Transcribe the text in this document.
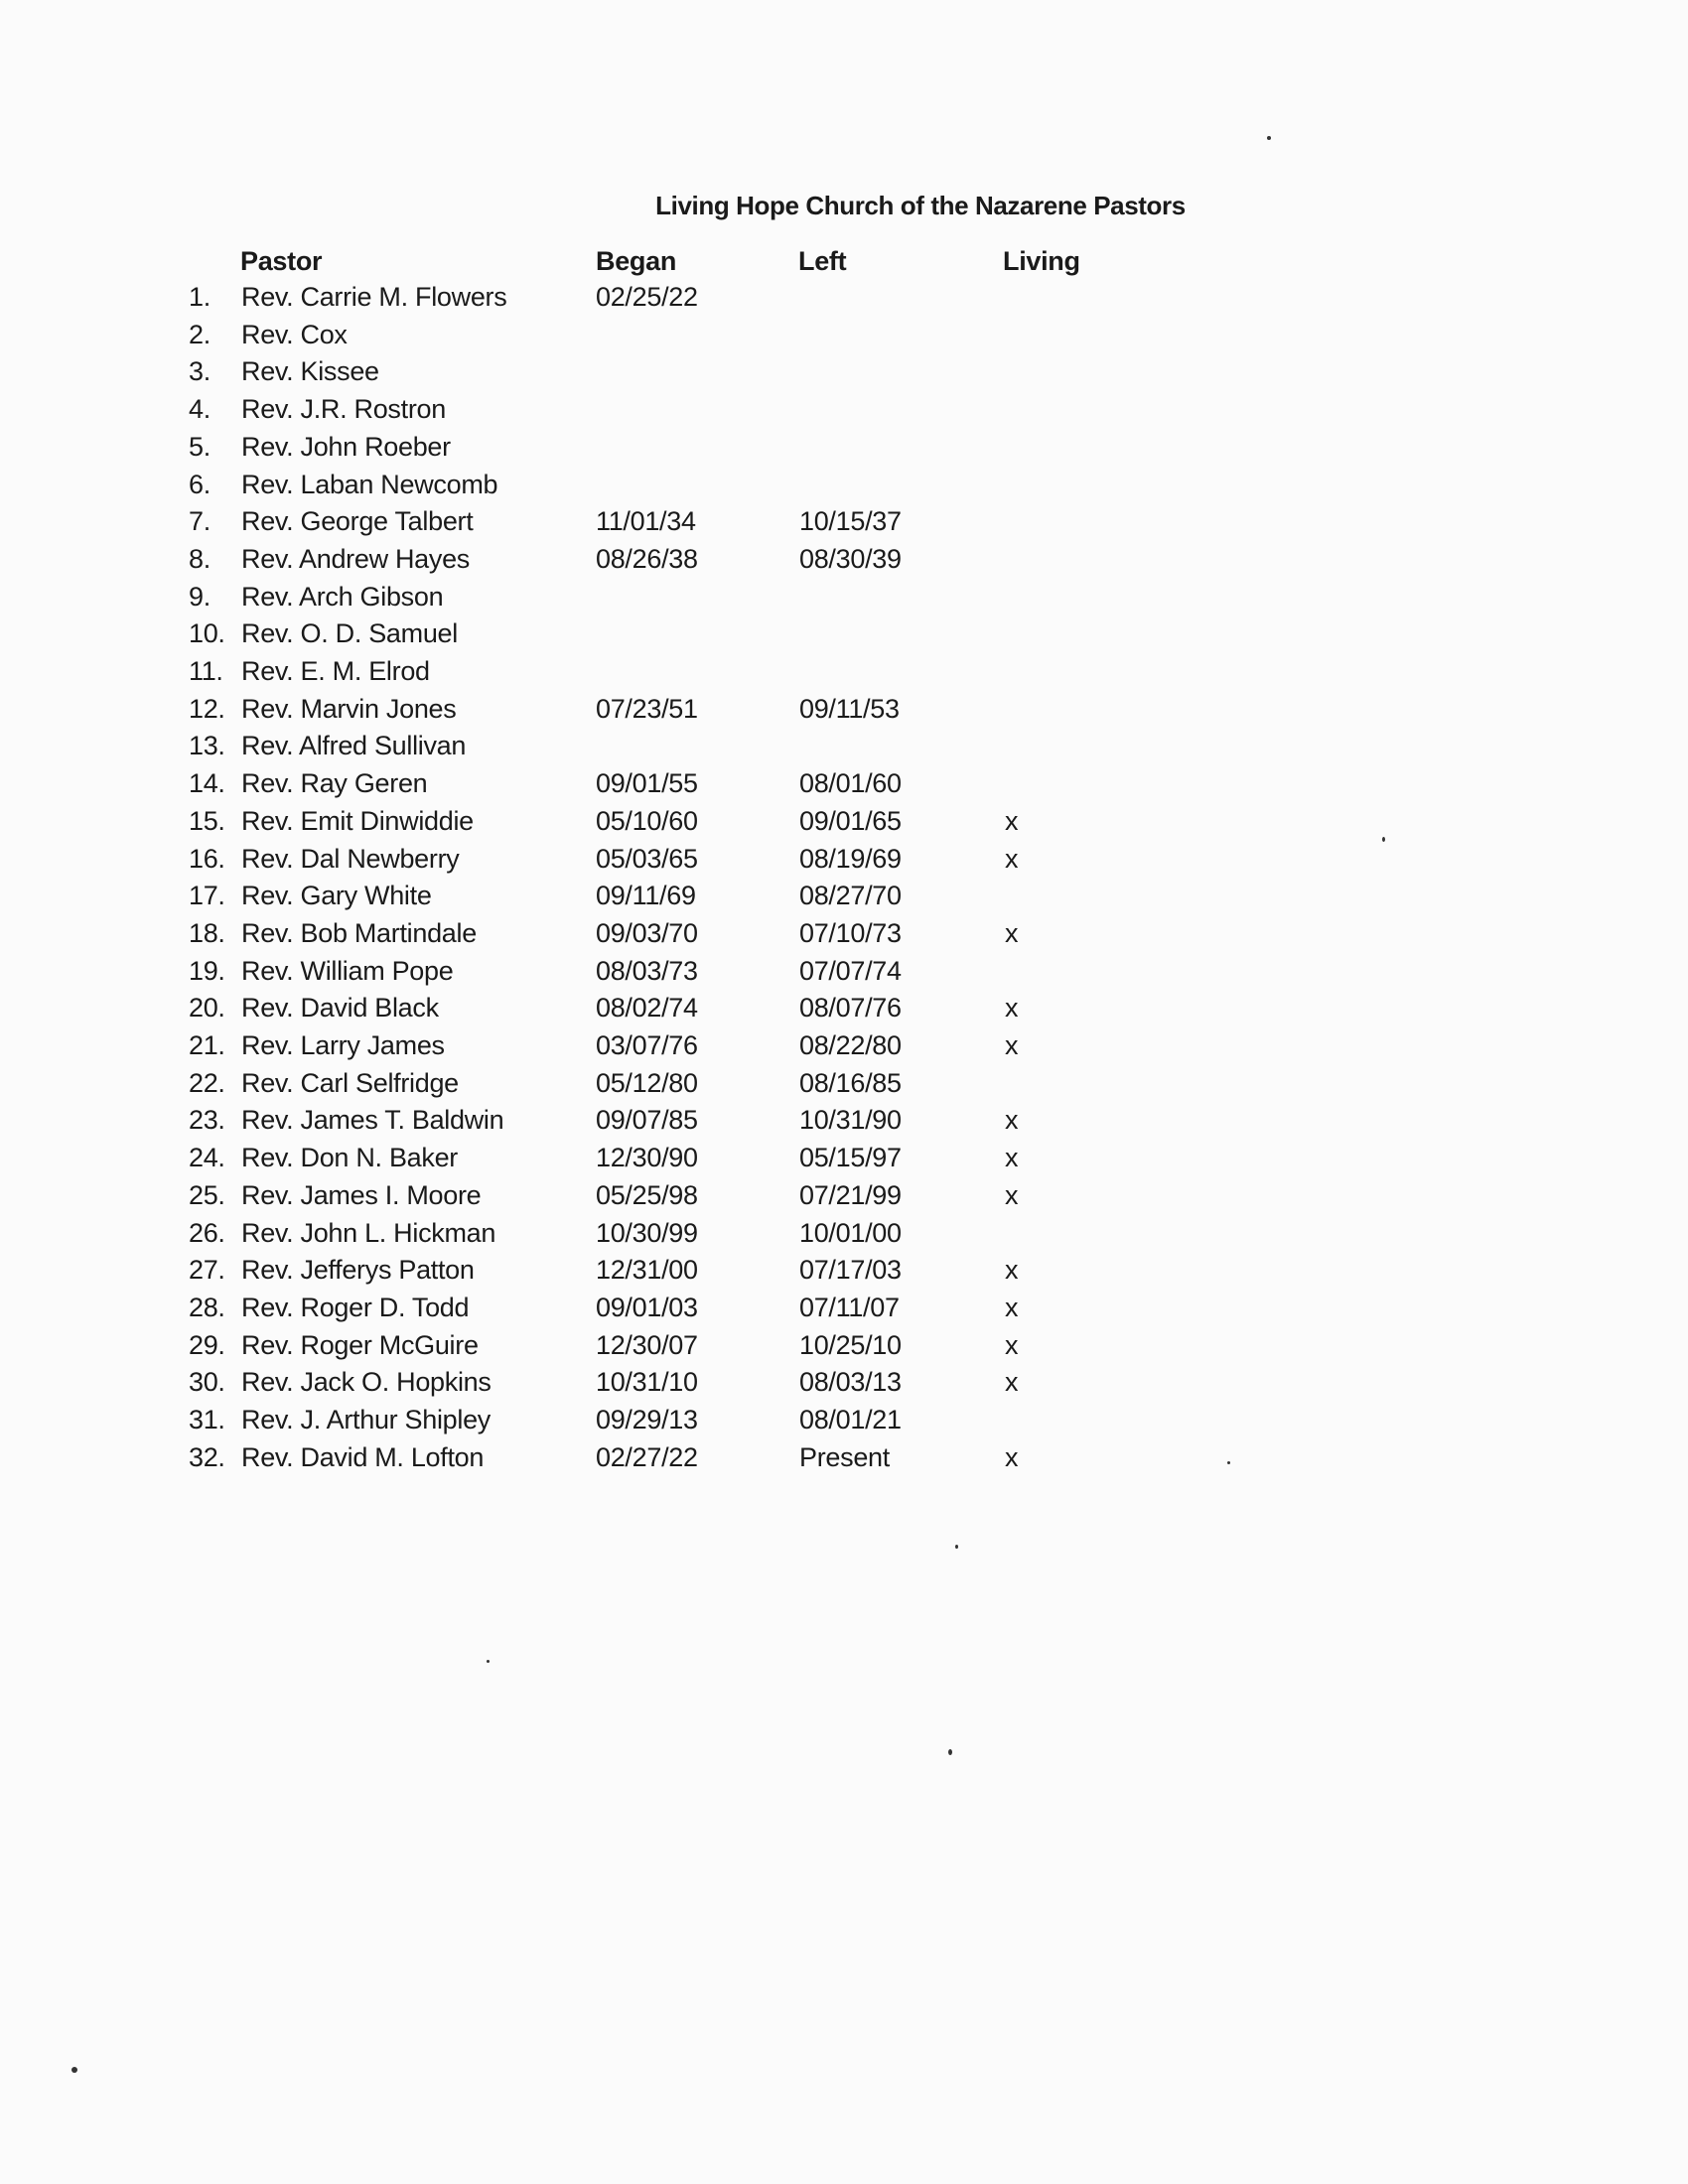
Living Hope Church of the Nazarene Pastors
Pastor	Began	Left	Living
1. Rev. Carrie M. Flowers	02/25/22
2. Rev. Cox
3. Rev. Kissee
4. Rev. J.R. Rostron
5. Rev. John Roeber
6. Rev. Laban Newcomb
7. Rev. George Talbert	11/01/34	10/15/37
8. Rev. Andrew Hayes	08/26/38	08/30/39
9. Rev. Arch Gibson
10. Rev. O. D. Samuel
11. Rev. E. M. Elrod
12. Rev. Marvin Jones	07/23/51	09/11/53
13. Rev. Alfred Sullivan
14. Rev. Ray Geren	09/01/55	08/01/60
15. Rev. Emit Dinwiddie	05/10/60	09/01/65	x
16. Rev. Dal Newberry	05/03/65	08/19/69	x
17. Rev. Gary White	09/11/69	08/27/70
18. Rev. Bob Martindale	09/03/70	07/10/73	x
19. Rev. William Pope	08/03/73	07/07/74
20. Rev. David Black	08/02/74	08/07/76	x
21. Rev. Larry James	03/07/76	08/22/80	x
22. Rev. Carl Selfridge	05/12/80	08/16/85
23. Rev. James T. Baldwin	09/07/85	10/31/90	x
24. Rev. Don N. Baker	12/30/90	05/15/97	x
25. Rev. James I. Moore	05/25/98	07/21/99	x
26. Rev. John L. Hickman	10/30/99	10/01/00
27. Rev. Jefferys Patton	12/31/00	07/17/03	x
28. Rev. Roger D. Todd	09/01/03	07/11/07	x
29. Rev. Roger McGuire	12/30/07	10/25/10	x
30. Rev. Jack O. Hopkins	10/31/10	08/03/13	x
31. Rev. J. Arthur Shipley	09/29/13	08/01/21
32. Rev. David M. Lofton	02/27/22	Present	x
